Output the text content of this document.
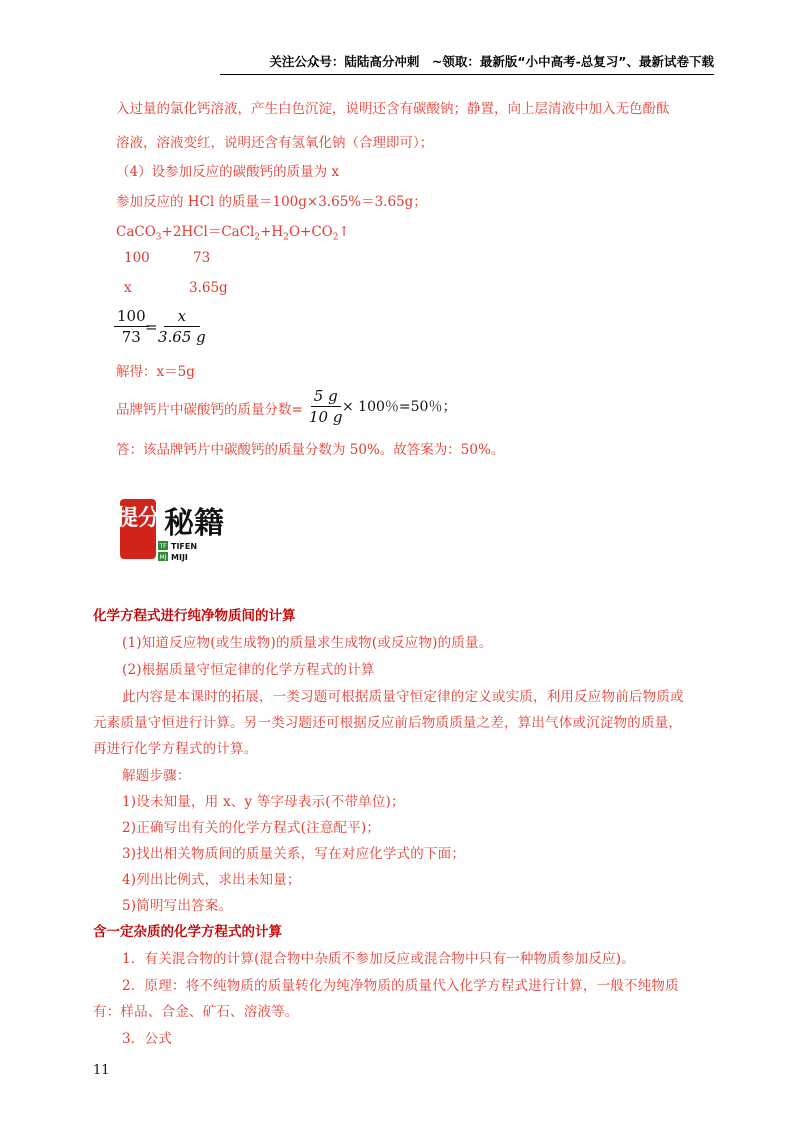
关注公众号：陆陆高分冲刺　~领取：最新版“小中高考-总复习”、最新试卷下载
入过量的氯化钙溶液，产生白色沉淀，说明还含有碳酸钠；静置，向上层清液中加入无色酚酞
溶液，溶液变红，说明还含有氢氧化钠（合理即可）；
（4）设参加反应的碳酸钙的质量为 x
参加反应的 HCl 的质量＝100g×3.65%＝3.65g；
$CaCO_3+2HCl=CaCl_2+H_2O+CO_2↑$
100	73
x	3.65g
$\frac{100}{73}$
=
$\frac{x}{3.65 g}$
解得：x＝5g
品牌钙片中碳酸钙的质量分数= $\frac{5 g}{10 g}$
× 100％=50％；
答：该品牌钙片中碳酸钙的质量分数为 50%。故答案为：50%。
提分 秘籍
TF
MJ
TIFEN
MIJI
化学方程式进行纯净物质间的计算
(1)知道反应物(或生成物)的质量求生成物(或反应物)的质量。
(2)根据质量守恒定律的化学方程式的计算
此内容是本课时的拓展，一类习题可根据质量守恒定律的定义或实质，利用反应物前后物质或
元素质量守恒进行计算。另一类习题还可根据反应前后物质质量之差，算出气体或沉淀物的质量，
再进行化学方程式的计算。
解题步骤：
1)设未知量，用 x、y 等字母表示(不带单位)；
2)正确写出有关的化学方程式(注意配平)；
3)找出相关物质间的质量关系，写在对应化学式的下面；
4)列出比例式，求出未知量；
5)简明写出答案。
含一定杂质的化学方程式的计算
1．有关混合物的计算(混合物中杂质不参加反应或混合物中只有一种物质参加反应)。
2．原理：将不纯物质的质量转化为纯净物质的质量代入化学方程式进行计算，一般不纯物质
有：样品、合金、矿石、溶液等。
3．公式
11
